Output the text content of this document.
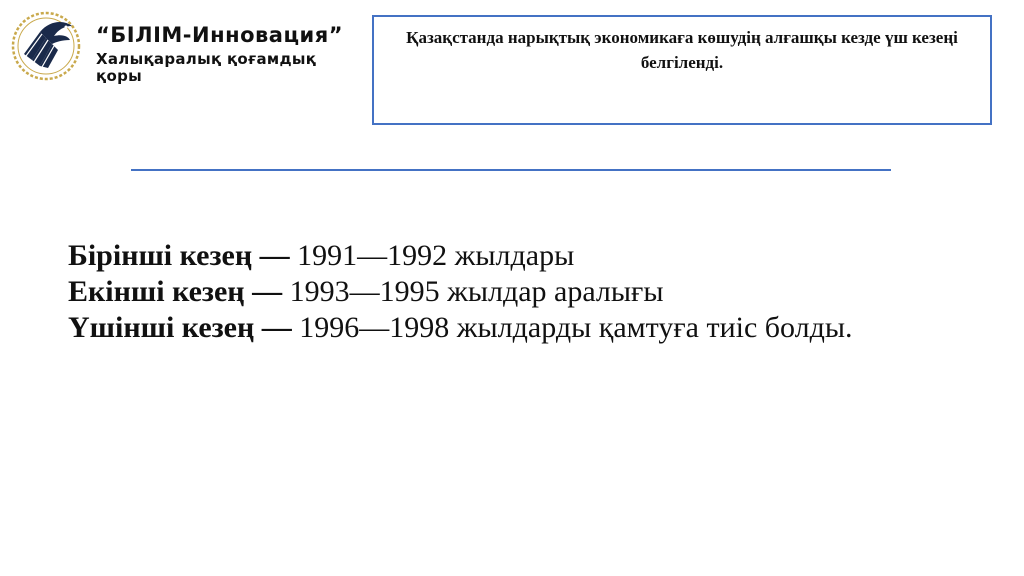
“БІЛІМ-Инновация”
Халықаралық қоғамдық қоры
Қазақстанда нарықтық экономикаға көшудің алғашқы кезде үш кезеңі белгіленді.
Бірінші кезең — 1991—1992 жылдары
Екінші кезең — 1993—1995 жылдар аралығы
Үшінші кезең — 1996—1998 жылдарды қамтуға тиіс болды.
